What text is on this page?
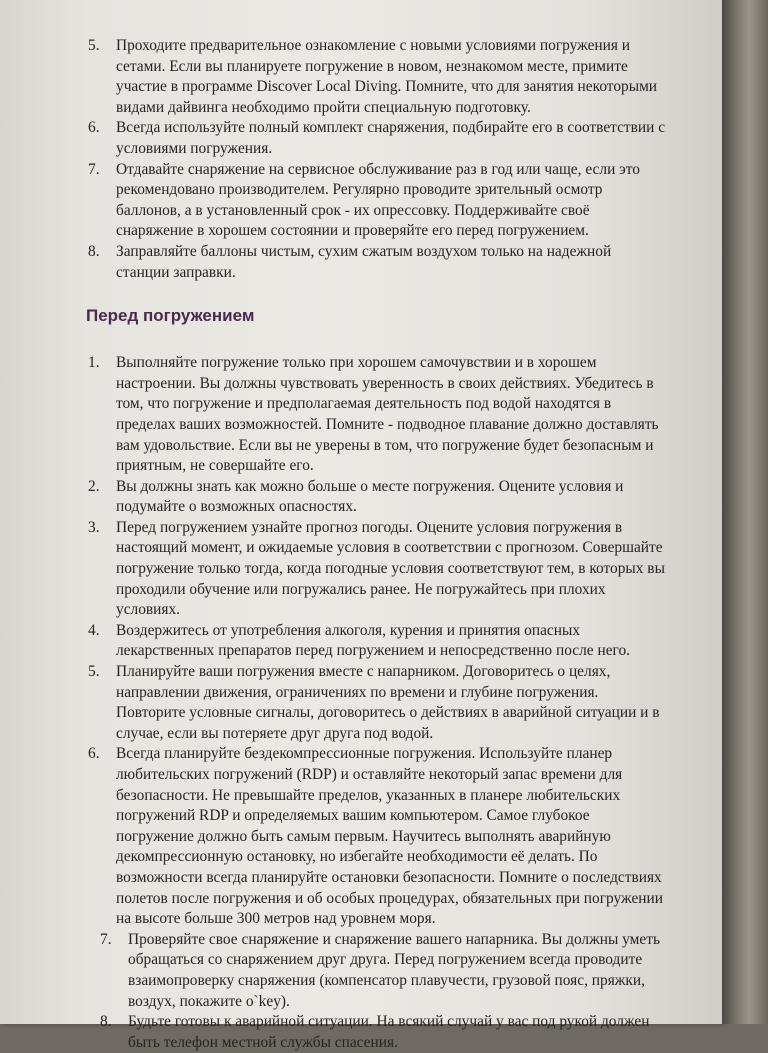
5. Проходите предварительное ознакомление с новыми условиями погружения и сетами. Если вы планируете погружение в новом, незнакомом месте, примите участие в программе Discover Local Diving. Помните, что для занятия некоторыми видами дайвинга необходимо пройти специальную подготовку.
6. Всегда используйте полный комплект снаряжения, подбирайте его в соответствии с условиями погружения.
7. Отдавайте снаряжение на сервисное обслуживание раз в год или чаще, если это рекомендовано производителем. Регулярно проводите зрительный осмотр баллонов, а в установленный срок - их опрессовку. Поддерживайте своё снаряжение в хорошем состоянии и проверяйте его перед погружением.
8. Заправляйте баллоны чистым, сухим сжатым воздухом только на надежной станции заправки.
Перед погружением
1. Выполняйте погружение только при хорошем самочувствии и в хорошем настроении. Вы должны чувствовать уверенность в своих действиях. Убедитесь в том, что погружение и предполагаемая деятельность под водой находятся в пределах ваших возможностей. Помните - подводное плавание должно доставлять вам удовольствие. Если вы не уверены в том, что погружение будет безопасным и приятным, не совершайте его.
2. Вы должны знать как можно больше о месте погружения. Оцените условия и подумайте о возможных опасностях.
3. Перед погружением узнайте прогноз погоды. Оцените условия погружения в настоящий момент, и ожидаемые условия в соответствии с прогнозом. Совершайте погружение только тогда, когда погодные условия соответствуют тем, в которых вы проходили обучение или погружались ранее. Не погружайтесь при плохих условиях.
4. Воздержитесь от употребления алкоголя, курения и принятия опасных лекарственных препаратов перед погружением и непосредственно после него.
5. Планируйте ваши погружения вместе с напарником. Договоритесь о целях, направлении движения, ограничениях по времени и глубине погружения. Повторите условные сигналы, договоритесь о действиях в аварийной ситуации и в случае, если вы потеряете друг друга под водой.
6. Всегда планируйте бездекомпрессионные погружения. Используйте планер любительских погружений (RDP) и оставляйте некоторый запас времени для безопасности. Не превышайте пределов, указанных в планере любительских погружений RDP и определяемых вашим компьютером. Самое глубокое погружение должно быть самым первым. Научитесь выполнять аварийную декомпрессионную остановку, но избегайте необходимости её делать. По возможности всегда планируйте остановки безопасности. Помните о последствиях полетов после погружения и об особых процедурах, обязательных при погружении на высоте больше 300 метров над уровнем моря.
7. Проверяйте свое снаряжение и снаряжение вашего напарника. Вы должны уметь обращаться со снаряжением друг друга. Перед погружением всегда проводите взаимопроверку снаряжения (компенсатор плавучести, грузовой пояс, пряжки, воздух, покажите о`key).
8. Будьте готовы к аварийной ситуации. На всякий случай у вас под рукой должен быть телефон местной службы спасения.
